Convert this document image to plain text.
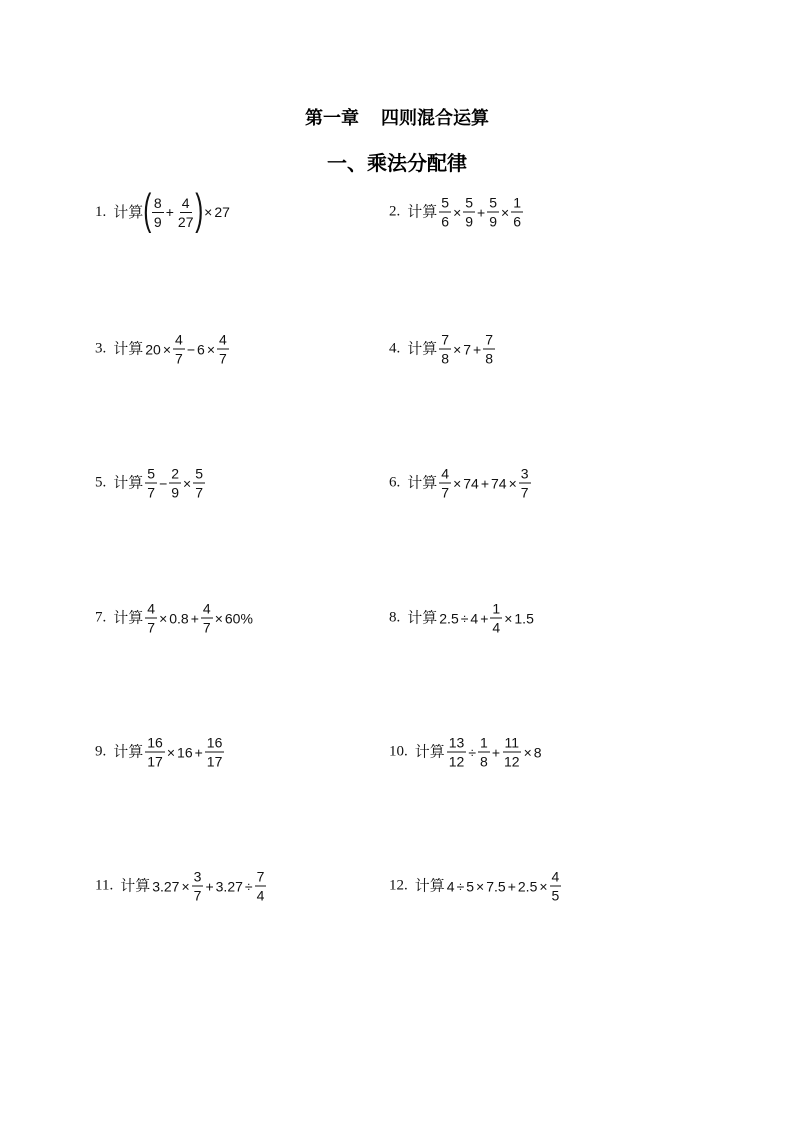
第一章 四则混合运算
一、乘法分配律
1 . 计算 ( $\frac{8}{9} + \frac{4}{27}$ ) × 27	2 . 计算 $\frac{5}{6} \times \frac{5}{9} + \frac{5}{9} \times \frac{1}{6}$
3 . 计算 $20 \times \frac{4}{7} - 6 \times \frac{4}{7}$	4 . 计算 $\frac{7}{8} \times 7 + \frac{7}{8}$
5 . 计算 $\frac{5}{7} - \frac{2}{9} \times \frac{5}{7}$	6 . 计算 $\frac{4}{7} \times 74 + 74 \times \frac{3}{7}$
7 . 计算 $\frac{4}{7} \times 0.8 + \frac{4}{7} \times 60\%$	8 . 计算 $2.5 \div 4 + \frac{1}{4} \times 1.5$
9 . 计算 $\frac{16}{17} \times 16 + \frac{16}{17}$	10 . 计算 $\frac{13}{12} \div \frac{1}{8} + \frac{11}{12} \times 8$
11 . 计算 $3.27 \times \frac{3}{7} + 3.27 \div \frac{7}{4}$	12 . 计算 $4 \div 5 \times 7.5 + 2.5 \times \frac{4}{5}$
